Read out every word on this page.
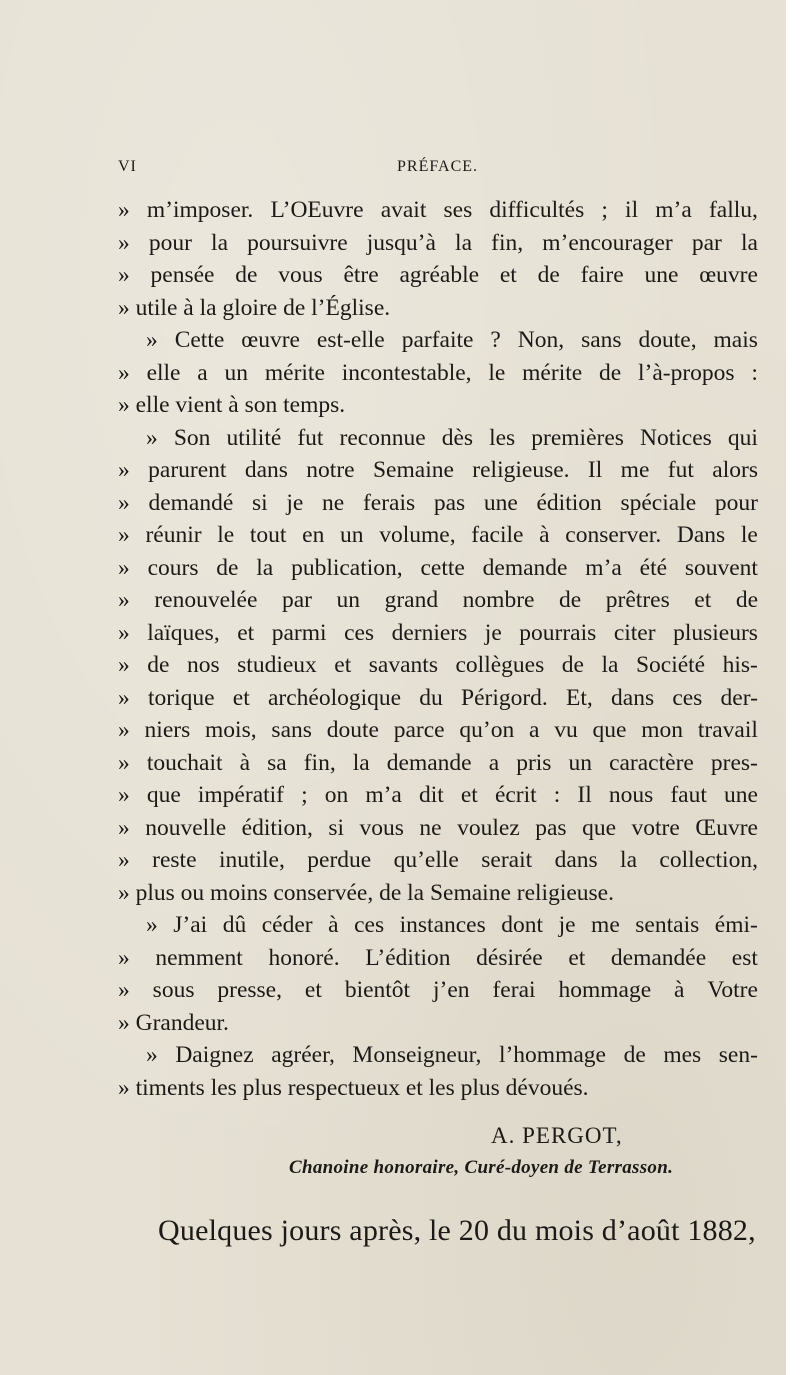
VI	PRÉFACE.
» m’imposer. L’OEuvre avait ses difficultés ; il m’a fallu,
» pour la poursuivre jusqu’à la fin, m’encourager par la
» pensée de vous être agréable et de faire une œuvre
» utile à la gloire de l’Église.
» Cette œuvre est-elle parfaite ? Non, sans doute, mais
» elle a un mérite incontestable, le mérite de l’à-propos :
» elle vient à son temps.
» Son utilité fut reconnue dès les premières Notices qui
» parurent dans notre Semaine religieuse. Il me fut alors
» demandé si je ne ferais pas une édition spéciale pour
» réunir le tout en un volume, facile à conserver. Dans le
» cours de la publication, cette demande m’a été souvent
» renouvelée par un grand nombre de prêtres et de
» laïques, et parmi ces derniers je pourrais citer plusieurs
» de nos studieux et savants collègues de la Société his-
» torique et archéologique du Périgord. Et, dans ces der-
» niers mois, sans doute parce qu’on a vu que mon travail
» touchait à sa fin, la demande a pris un caractère pres-
» que impératif ; on m’a dit et écrit : Il nous faut une
» nouvelle édition, si vous ne voulez pas que votre Œuvre
» reste inutile, perdue qu’elle serait dans la collection,
» plus ou moins conservée, de la Semaine religieuse.
» J’ai dû céder à ces instances dont je me sentais émi-
» nemment honoré. L’édition désirée et demandée est
» sous presse, et bientôt j’en ferai hommage à Votre
» Grandeur.
» Daignez agréer, Monseigneur, l’hommage de mes sen-
» timents les plus respectueux et les plus dévoués.
A. PERGOT,
Chanoine honoraire, Curé-doyen de Terrasson.
Quelques jours après, le 20 du mois d’août 1882,
